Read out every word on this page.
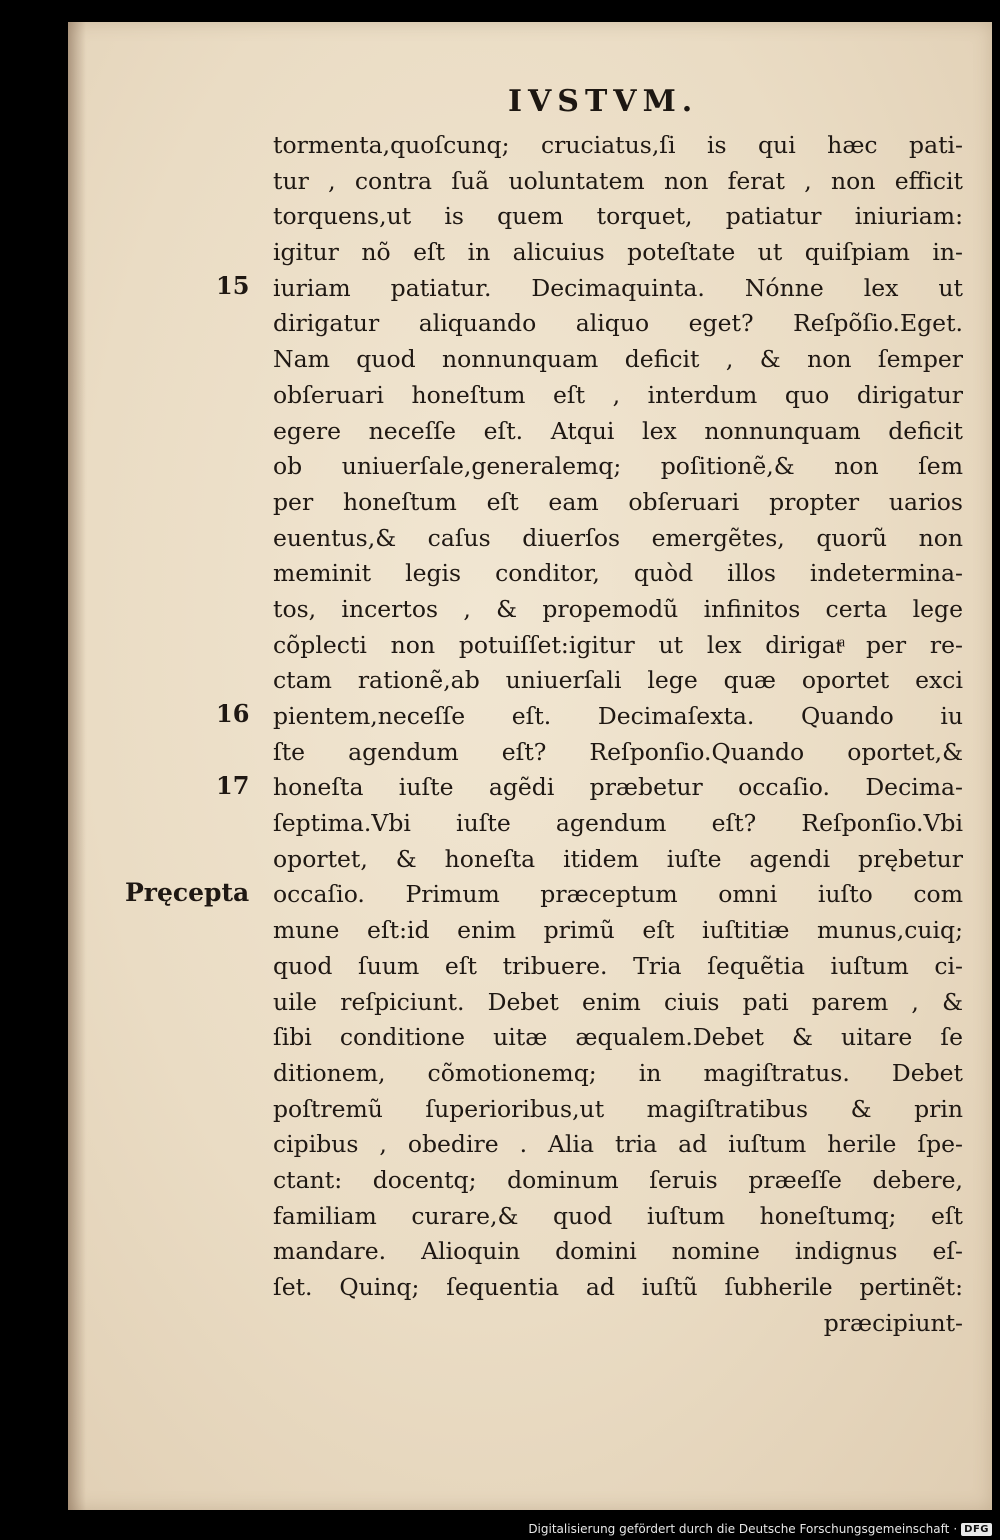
IVSTVM.
15
16
17
Pręcepta
tormenta,quoſcunq; cruciatus,ſi is qui hæc pati-
tur , contra ſuã uoluntatem non ferat , non efficit
torquens,ut is quem torquet, patiatur iniuriam:
igitur nõ eſt in alicuius poteſtate ut quiſpiam in-
iuriam patiatur. Decimaquinta. Nónne lex ut
dirigatur aliquando aliquo eget? Reſpõſio.Eget.
Nam quod nonnunquam deficit , & non ſemper
obſeruari honeſtum eſt , interdum quo dirigatur
egere neceſſe eſt. Atqui lex nonnunquam deficit
ob uniuerſale,generalemq; poſitionẽ,& non ſem
per honeſtum eſt eam obſeruari propter uarios
euentus,& caſus diuerſos emergẽtes, quorũ non
meminit legis conditor, quòd illos indetermina-
tos, incertos , & propemodũ infinitos certa lege
cõplecti non potuiſſet:igitur ut lex dirigatͣ per re-
ctam rationẽ,ab uniuerſali lege quæ oportet exci
pientem,neceſſe eſt. Decimaſexta. Quando iu
ſte agendum eſt? Reſponſio.Quando oportet,&
honeſta iuſte agẽdi præbetur occaſio. Decima-
ſeptima.Vbi iuſte agendum eſt? Reſponſio.Vbi
oportet, & honeſta itidem iuſte agendi prębetur
occaſio. Primum præceptum omni iuſto com
mune eſt:id enim primũ eſt iuſtitiæ munus,cuiq;
quod ſuum eſt tribuere. Tria ſequẽtia iuſtum ci-
uile reſpiciunt. Debet enim ciuis pati parem , &
ſibi conditione uitæ æqualem.Debet & uitare ſe
ditionem, cõmotionemq; in magiſtratus. Debet
poſtremũ ſuperioribus,ut magiſtratibus & prin
cipibus , obedire . Alia tria ad iuſtum herile ſpe-
ctant: docentq; dominum ſeruis præeſſe debere,
familiam curare,& quod iuſtum honeſtumq; eſt
mandare. Alioquin domini nomine indignus eſ-
ſet. Quinq; ſequentia ad iuſtũ ſubherile pertinẽt:
præcipiunt-
Digitalisierung gefördert durch die Deutsche Forschungsgemeinschaft · DFG
